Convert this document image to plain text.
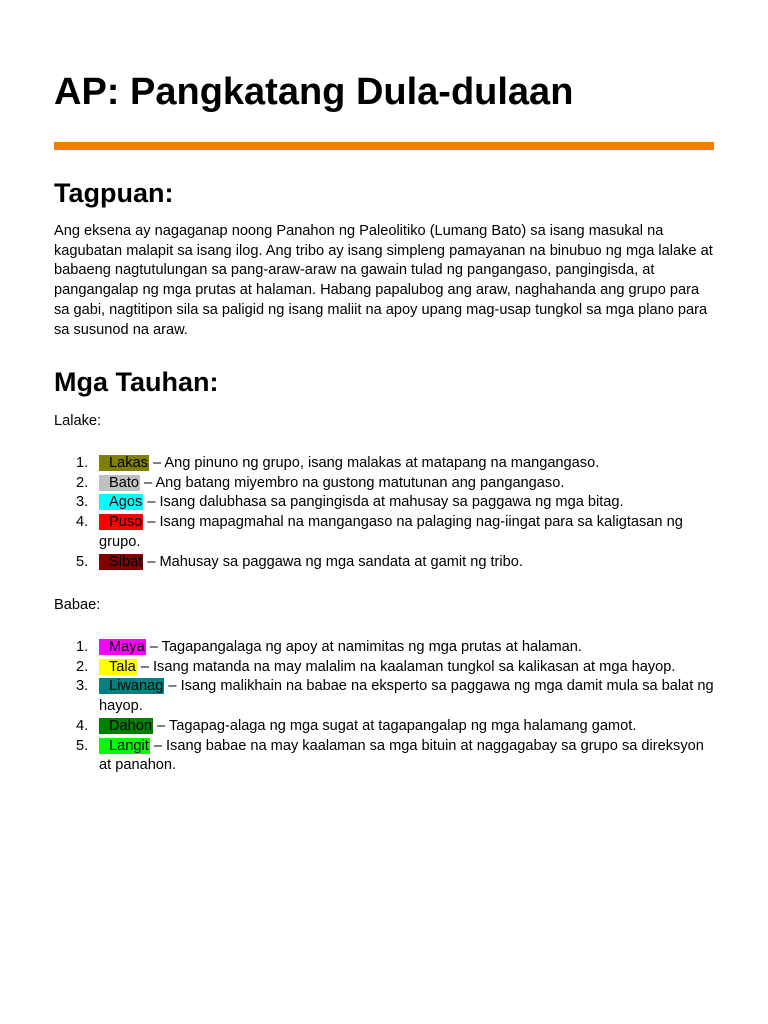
AP: Pangkatang Dula-dulaan
Tagpuan:

Ang eksena ay nagaganap noong Panahon ng Paleolitiko (Lumang Bato) sa isang masukal na kagubatan malapit sa isang ilog. Ang tribo ay isang simpleng pamayanan na binubuo ng mga lalake at babaeng nagtutulungan sa pang-araw-araw na gawain tulad ng pangangaso, pangingisda, at pangangalap ng mga prutas at halaman. Habang papalubog ang araw, naghahanda ang grupo para sa gabi, nagtitipon sila sa paligid ng isang maliit na apoy upang mag-usap tungkol sa mga plano para sa susunod na araw.

Mga Tauhan:

Lalake:

1. Lakas – Ang pinuno ng grupo, isang malakas at matapang na mangangaso.
2. Bato – Ang batang miyembro na gustong matutunan ang pangangaso.
3. Agos – Isang dalubhasa sa pangingisda at mahusay sa paggawa ng mga bitag.
4. Puso – Isang mapagmahal na mangangaso na palaging nag-iingat para sa kaligtasan ng grupo.
5. Sibat – Mahusay sa paggawa ng mga sandata at gamit ng tribo.

Babae:

1. Maya – Tagapangalaga ng apoy at namimitas ng mga prutas at halaman.
2. Tala – Isang matanda na may malalim na kaalaman tungkol sa kalikasan at mga hayop.
3. Liwanag – Isang malikhain na babae na eksperto sa paggawa ng mga damit mula sa balat ng hayop.
4. Dahon – Tagapag-alaga ng mga sugat at tagapangalap ng mga halamang gamot.
5. Langit – Isang babae na may kaalaman sa mga bituin at naggagabay sa grupo sa direksyon at panahon.
